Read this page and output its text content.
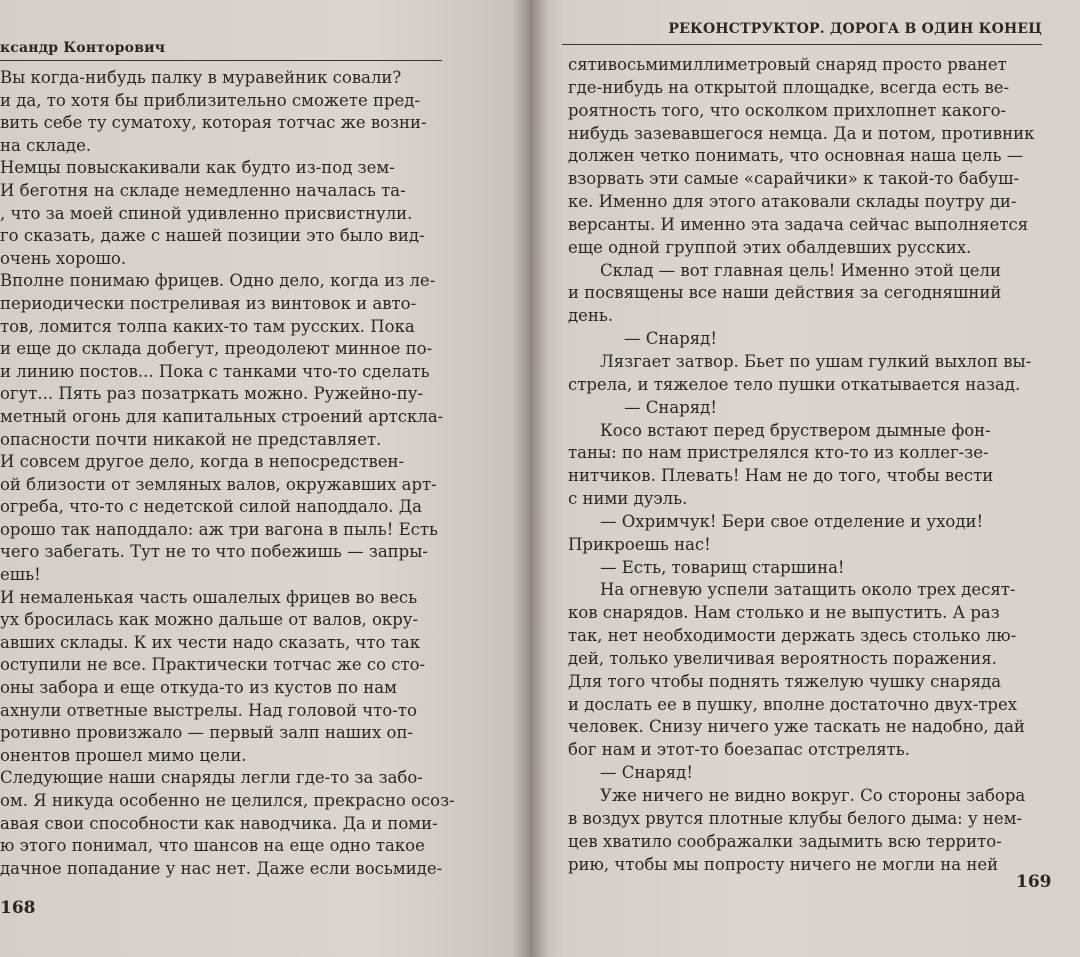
ксандр Конторович
Вы когда-нибудь палку в муравейник совали?
и да, то хотя бы приблизительно сможете пред-
вить себе ту суматоху, которая тотчас же возни-
на складе.
Немцы повыскакивали как будто из-под зем-
И беготня на складе немедленно началась та-
, что за моей спиной удивленно присвистнули.
го сказать, даже с нашей позиции это было вид-
очень хорошо.
Вполне понимаю фрицев. Одно дело, когда из ле-
периодически постреливая из винтовок и авто-
тов, ломится толпа каких-то там русских. Пока
и еще до склада добегут, преодолеют минное по-
и линию постов... Пока с танками что-то сделать
огут... Пять раз позатркать можно. Ружейно-пу-
метный огонь для капитальных строений артскла-
опасности почти никакой не представляет.
И совсем другое дело, когда в непосредствен-
ой близости от земляных валов, окружавших арт-
огреба, что-то с недетской силой наподдало. Да
орошо так наподдало: аж три вагона в пыль! Есть
чего забегать. Тут не то что побежишь — запры-
ешь!
И немаленькая часть ошалелых фрицев во весь
ух бросилась как можно дальше от валов, окру-
авших склады. К их чести надо сказать, что так
оступили не все. Практически тотчас же со сто-
оны забора и еще откуда-то из кустов по нам
ахнули ответные выстрелы. Над головой что-то
ротивно провизжало — первый залп наших оп-
онентов прошел мимо цели.
Следующие наши снаряды легли где-то за забо-
ом. Я никуда особенно не целился, прекрасно осоз-
авая свои способности как наводчика. Да и поми-
ю этого понимал, что шансов на еще одно такое
дачное попадание у нас нет. Даже если восьмиде-
168
РЕКОНСТРУКТОР. ДОРОГА В ОДИН КОНЕЦ
сятивосьмимиллиметровый снаряд просто рванет
где-нибудь на открытой площадке, всегда есть ве-
роятность того, что осколком прихлопнет какого-
нибудь зазевавшегося немца. Да и потом, противник
должен четко понимать, что основная наша цель —
взорвать эти самые «сарайчики» к такой-то бабуш-
ке. Именно для этого атаковали склады поутру ди-
версанты. И именно эта задача сейчас выполняется
еще одной группой этих обалдевших русских.
Склад — вот главная цель! Именно этой цели
и посвящены все наши действия за сегодняшний
день.
— Снаряд!
Лязгает затвор. Бьет по ушам гулкий выхлоп вы-
стрела, и тяжелое тело пушки откатывается назад.
— Снаряд!
Косо встают перед бруствером дымные фон-
таны: по нам пристрелялся кто-то из коллег-зе-
нитчиков. Плевать! Нам не до того, чтобы вести
с ними дуэль.
— Охримчук! Бери свое отделение и уходи!
Прикроешь нас!
— Есть, товарищ старшина!
На огневую успели затащить около трех десят-
ков снарядов. Нам столько и не выпустить. А раз
так, нет необходимости держать здесь столько лю-
дей, только увеличивая вероятность поражения.
Для того чтобы поднять тяжелую чушку снаряда
и дослать ее в пушку, вполне достаточно двух-трех
человек. Снизу ничего уже таскать не надобно, дай
бог нам и этот-то боезапас отстрелять.
— Снаряд!
Уже ничего не видно вокруг. Со стороны забора
в воздух рвутся плотные клубы белого дыма: у нем-
цев хватило соображалки задымить всю террито-
рию, чтобы мы попросту ничего не могли на ней
169
